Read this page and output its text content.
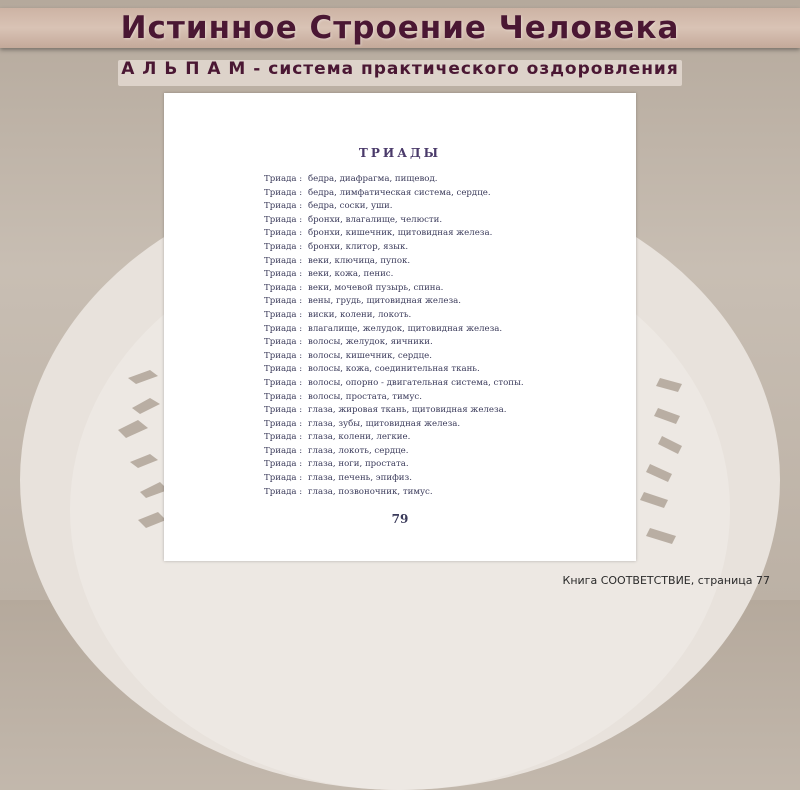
Истинное Строение Человека
А Л Ь П А М - система практического оздоровления
ТРИАДЫ
Триада : бедра, диафрагма, пищевод.
Триада : бедра, лимфатическая система, сердце.
Триада : бедра, соски, уши.
Триада : бронхи, влагалище, челюсти.
Триада : бронхи, кишечник, щитовидная железа.
Триада : бронхи, клитор, язык.
Триада : веки, ключица, пупок.
Триада : веки, кожа, пенис.
Триада : веки, мочевой пузырь, спина.
Триада : вены, грудь, щитовидная железа.
Триада : виски, колени, локоть.
Триада : влагалище, желудок, щитовидная железа.
Триада : волосы, желудок, яичники.
Триада : волосы, кишечник, сердце.
Триада : волосы, кожа, соединительная ткань.
Триада : волосы, опорно - двигательная система, стопы.
Триада : волосы, простата, тимус.
Триада : глаза, жировая ткань, щитовидная железа.
Триада : глаза, зубы, щитовидная железа.
Триада : глаза, колени, легкие.
Триада : глаза, локоть, сердце.
Триада : глаза, ноги, простата.
Триада : глаза, печень, эпифиз.
Триада : глаза, позвоночник, тимус.
79
Книга СООТВЕТСТВИЕ, страница 77
